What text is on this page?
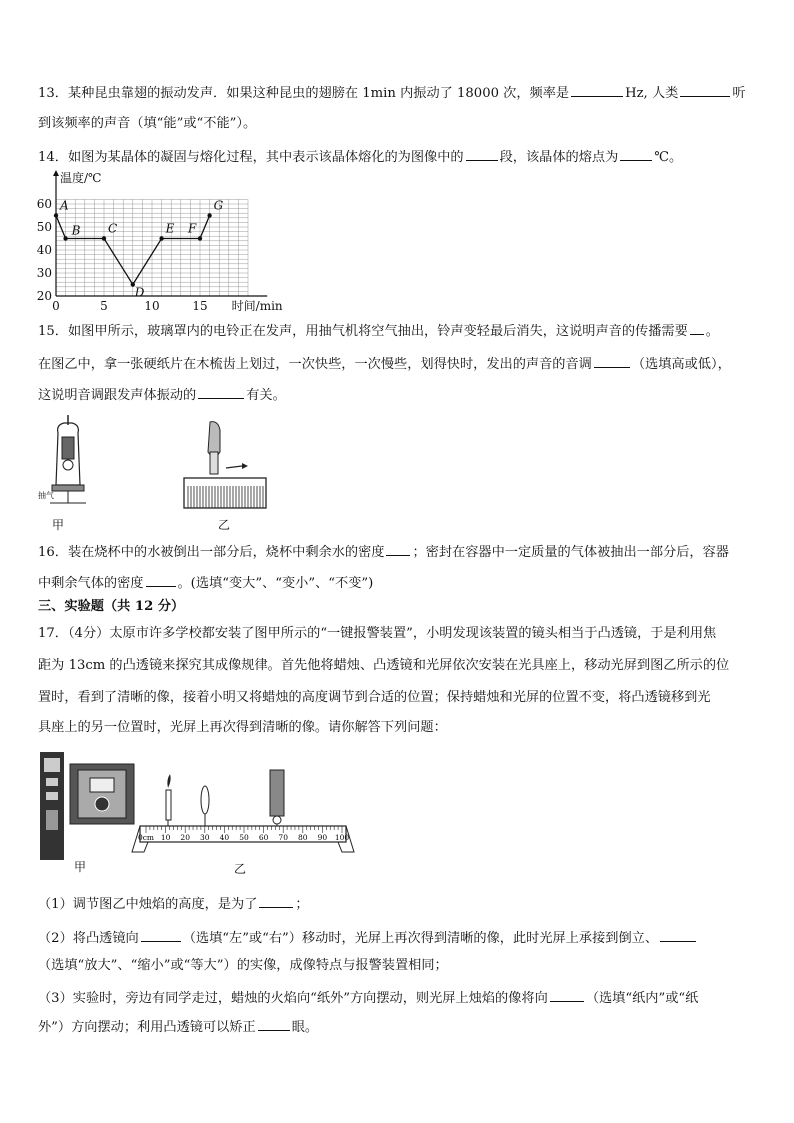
13．某种昆虫靠翅的振动发声．如果这种昆虫的翅膀在 1min 内振动了 18000 次，频率是	Hz, 人类	听
到该频率的声音（填“能”或“不能”）。
14．如图为某晶体的凝固与熔化过程，其中表示该晶体熔化的为图像中的	段，该晶体的熔点为	℃。
20
30
40
50
60
0	5	10	15
A
B C
D
E F
G
温度/℃
时间/min
15．如图甲所示，玻璃罩内的电铃正在发声，用抽气机将空气抽出，铃声变轻最后消失，这说明声音的传播需要 。
在图乙中，拿一张硬纸片在木梳齿上划过，一次快些，一次慢些，划得快时，发出的声音的音调	（选填高或低），
这说明音调跟发声体振动的	有关。
抽气
甲	乙
16．装在烧杯中的水被倒出一部分后，烧杯中剩余水的密度 ；密封在容器中一定质量的气体被抽出一部分后，容器
中剩余气体的密度	。(选填“变大”、“变小”、“不变”)
三、实验题（共 12 分）
17．（4分）太原市许多学校都安装了图甲所示的“一键报警装置”，小明发现该装置的镜头相当于凸透镜，于是利用焦
距为 13cm 的凸透镜来探究其成像规律。首先他将蜡烛、凸透镜和光屏依次安装在光具座上，移动光屏到图乙所示的位
置时，看到了清晰的像，接着小明又将蜡烛的高度调节到合适的位置；保持蜡烛和光屏的位置不变，将凸透镜移到光
具座上的另一位置时，光屏上再次得到清晰的像。请你解答下列问题：
甲
0cm 10 20 30 40 50 60 70 80 90 100
乙
（1）调节图乙中烛焰的高度，是为了	；
（2）将凸透镜向	（选填“左”或“右”）移动时，光屏上再次得到清晰的像，此时光屏上承接到倒立、
（选填“放大”、“缩小”或“等大”）的实像，成像特点与报警装置相同；
（3）实验时，旁边有同学走过，蜡烛的火焰向“纸外”方向摆动，则光屏上烛焰的像将向	（选填“纸内”或“纸
外”）方向摆动；利用凸透镜可以矫正	眼。
